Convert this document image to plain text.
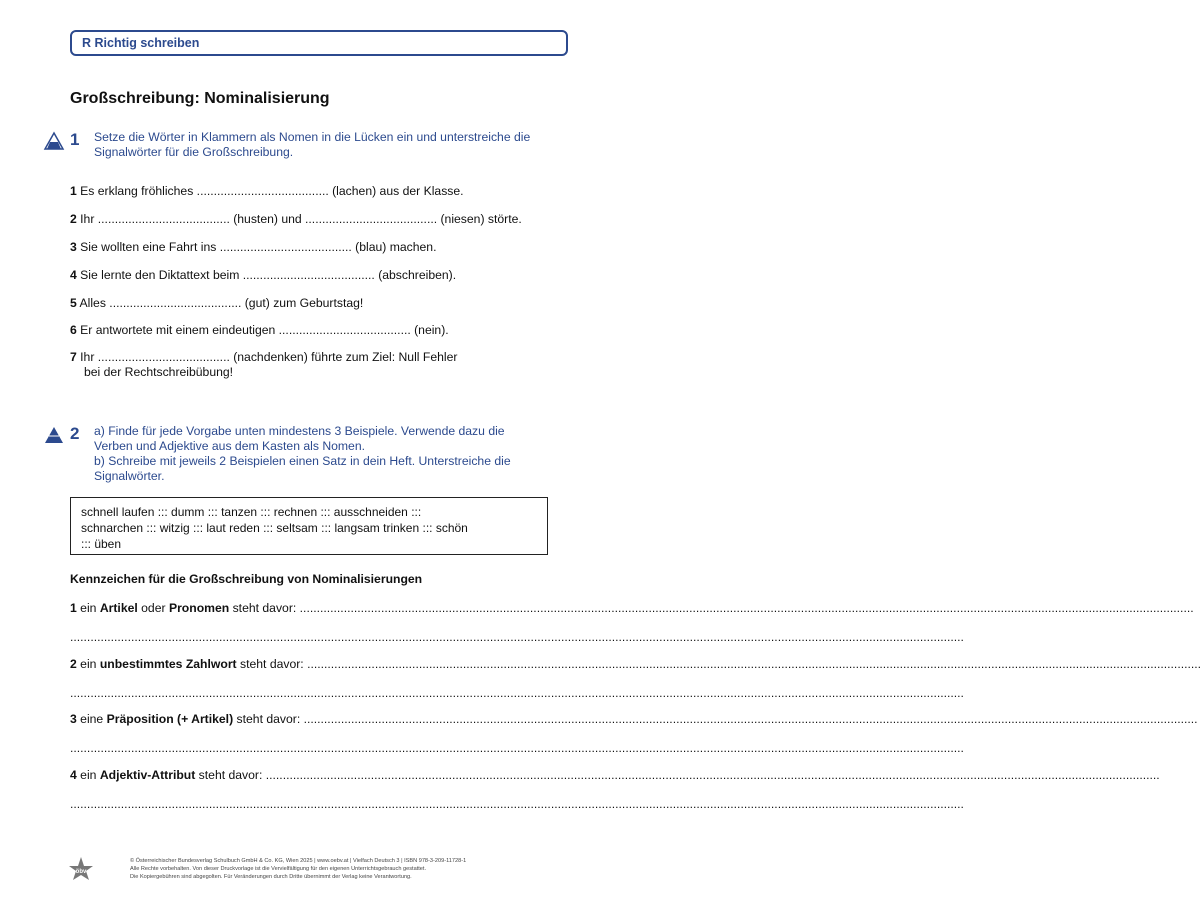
R Richtig schreiben
Großschreibung: Nominalisierung
1	Setze die Wörter in Klammern als Nomen in die Lücken ein und unterstreiche die
Signalwörter für die Großschreibung.
1 Es erklang fröhliches ....................................... (lachen) aus der Klasse.
2 Ihr ....................................... (husten) und ....................................... (niesen) störte.
3 Sie wollten eine Fahrt ins ....................................... (blau) machen.
4 Sie lernte den Diktattext beim ....................................... (abschreiben).
5 Alles ....................................... (gut) zum Geburtstag!
6 Er antwortete mit einem eindeutigen ....................................... (nein).
7 Ihr ....................................... (nachdenken) führte zum Ziel: Null Fehler
bei der Rechtschreibübung!
2	a) Finde für jede Vorgabe unten mindestens 3 Beispiele. Verwende dazu die
Verben und Adjektive aus dem Kasten als Nomen.
b) Schreibe mit jeweils 2 Beispielen einen Satz in dein Heft. Unterstreiche die
Signalwörter.
schnell laufen ::: dumm ::: tanzen ::: rechnen ::: ausschneiden :::
schnarchen ::: witzig ::: laut reden ::: seltsam ::: langsam trinken ::: schön
::: üben
Kennzeichen für die Großschreibung von Nominalisierungen
1 ein Artikel oder Pronomen steht davor: ........................................................................................................................................................................................................................................................................
........................................................................................................................................................................................................................................................................
2 ein unbestimmtes Zahlwort steht davor: ........................................................................................................................................................................................................................................................................
........................................................................................................................................................................................................................................................................
3 eine Präposition (+ Artikel) steht davor: ........................................................................................................................................................................................................................................................................
........................................................................................................................................................................................................................................................................
4 ein Adjektiv-Attribut steht davor: ........................................................................................................................................................................................................................................................................
........................................................................................................................................................................................................................................................................
öbv
© Österreichischer Bundesverlag Schulbuch GmbH & Co. KG, Wien 2025 | www.oebv.at | Vielfach Deutsch 3 | ISBN 978-3-209-11728-1
Alle Rechte vorbehalten. Von dieser Druckvorlage ist die Vervielfältigung für den eigenen Unterrichtsgebrauch gestattet.
Die Kopiergebühren sind abgegolten. Für Veränderungen durch Dritte übernimmt der Verlag keine Verantwortung.
